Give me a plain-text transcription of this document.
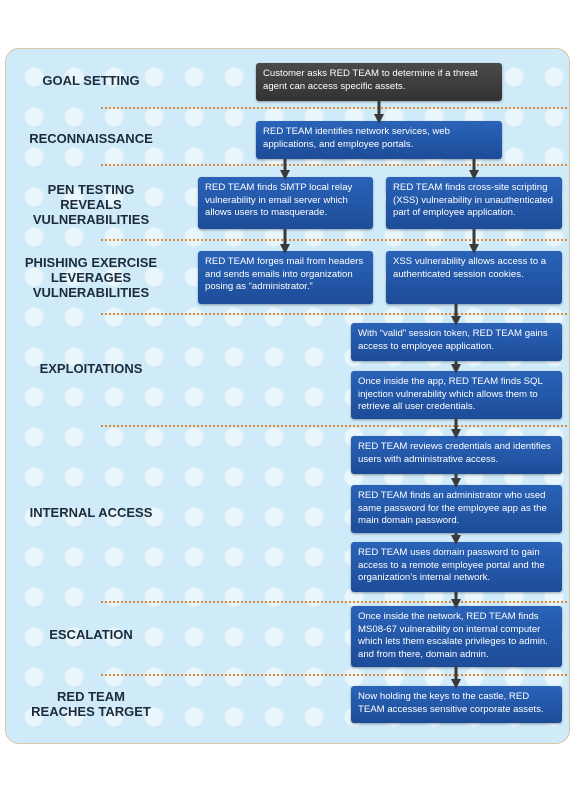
GOAL SETTING
RECONNAISSANCE
PEN TESTING
REVEALS
VULNERABILITIES
PHISHING EXERCISE
LEVERAGES
VULNERABILITIES
EXPLOITATIONS
INTERNAL ACCESS
ESCALATION
RED TEAM
REACHES TARGET
Customer asks RED TEAM to determine if a threat agent can access specific assets.
RED TEAM identifies network services, web applications, and employee portals.
RED TEAM finds SMTP local relay vulnerability in email server which allows users to masquerade.
RED TEAM finds cross-site scripting (XSS) vulnerability in unauthenticated part of employee application.
RED TEAM forges mail from headers and sends emails into organization posing as “administrator.”
XSS vulnerability allows access to a authenticated session cookies.
With “valid” session token, RED TEAM gains access to employee application.
Once inside the app, RED TEAM finds SQL injection vulnerability which allows them to retrieve all user credentials.
RED TEAM reviews credentials and identifies users with administrative access.
RED TEAM finds an administrator who used same password for the employee app as the main domain password.
RED TEAM uses domain password to gain access to a remote employee portal and the organization’s internal network.
Once inside the network, RED TEAM finds MS08-67 vulnerability on internal computer which lets them escalate privileges to admin. and from there, domain admin.
Now holding the keys to the castle, RED TEAM accesses sensitive corporate assets.
